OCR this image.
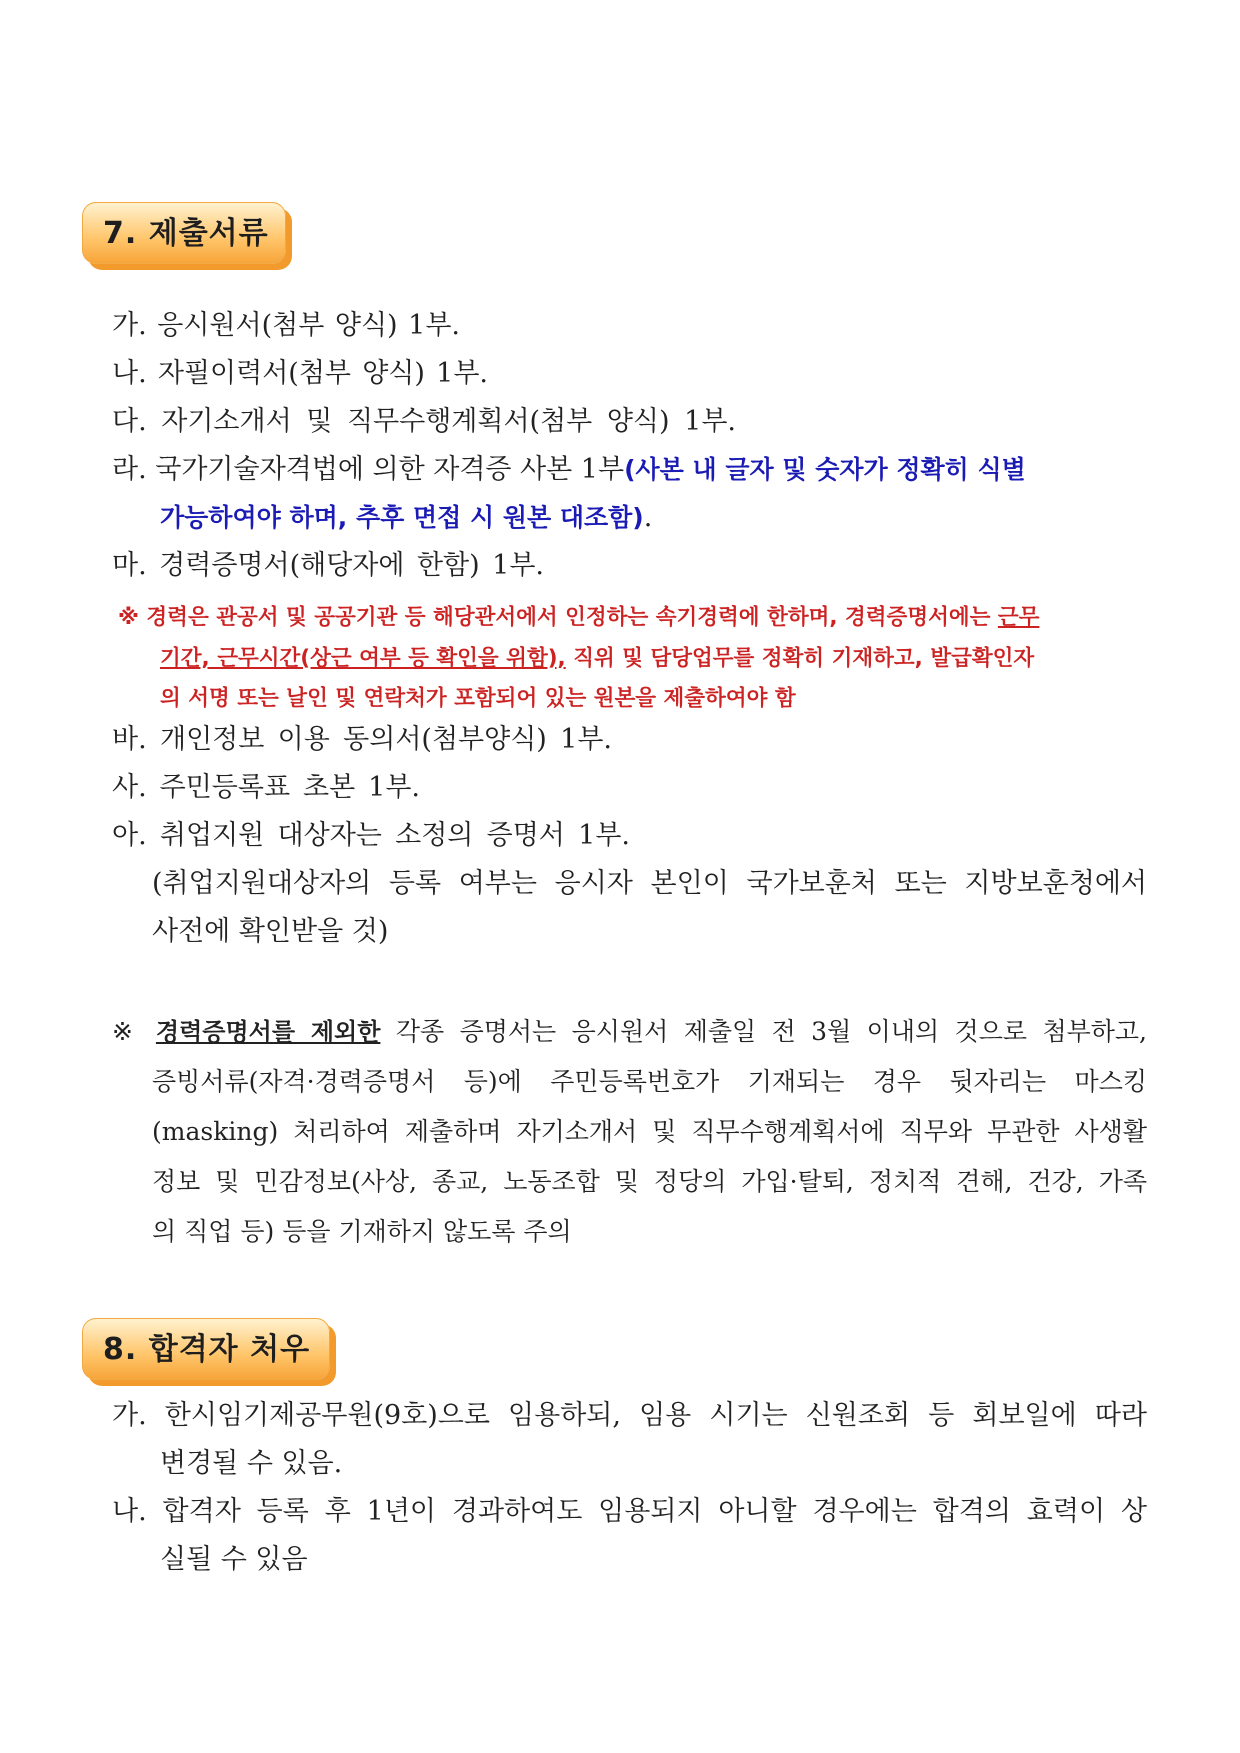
7. 제출서류
가. 응시원서(첨부 양식) 1부.
나. 자필이력서(첨부 양식) 1부.
다. 자기소개서 및 직무수행계획서(첨부 양식) 1부.
라. 국가기술자격법에 의한 자격증 사본 1부(사본 내 글자 및 숫자가 정확히 식별
가능하여야 하며, 추후 면접 시 원본 대조함).
마. 경력증명서(해당자에 한함) 1부.
※ 경력은 관공서 및 공공기관 등 해당관서에서 인정하는 속기경력에 한하며, 경력증명서에는 근무
기간, 근무시간(상근 여부 등 확인을 위함), 직위 및 담당업무를 정확히 기재하고, 발급확인자
의 서명 또는 날인 및 연락처가 포함되어 있는 원본을 제출하여야 함
바. 개인정보 이용 동의서(첨부양식) 1부.
사. 주민등록표 초본 1부.
아. 취업지원 대상자는 소정의 증명서 1부.
(취업지원대상자의 등록 여부는 응시자 본인이 국가보훈처 또는 지방보훈청에서
사전에 확인받을 것)
※ 경력증명서를 제외한 각종 증명서는 응시원서 제출일 전 3월 이내의 것으로 첨부하고,
증빙서류(자격·경력증명서 등)에 주민등록번호가 기재되는 경우 뒷자리는 마스킹
(masking) 처리하여 제출하며 자기소개서 및 직무수행계획서에 직무와 무관한 사생활
정보 및 민감정보(사상, 종교, 노동조합 및 정당의 가입·탈퇴, 정치적 견해, 건강, 가족
의 직업 등) 등을 기재하지 않도록 주의
8. 합격자 처우
가. 한시임기제공무원(9호)으로 임용하되, 임용 시기는 신원조회 등 회보일에 따라
변경될 수 있음.
나. 합격자 등록 후 1년이 경과하여도 임용되지 아니할 경우에는 합격의 효력이 상
실될 수 있음
